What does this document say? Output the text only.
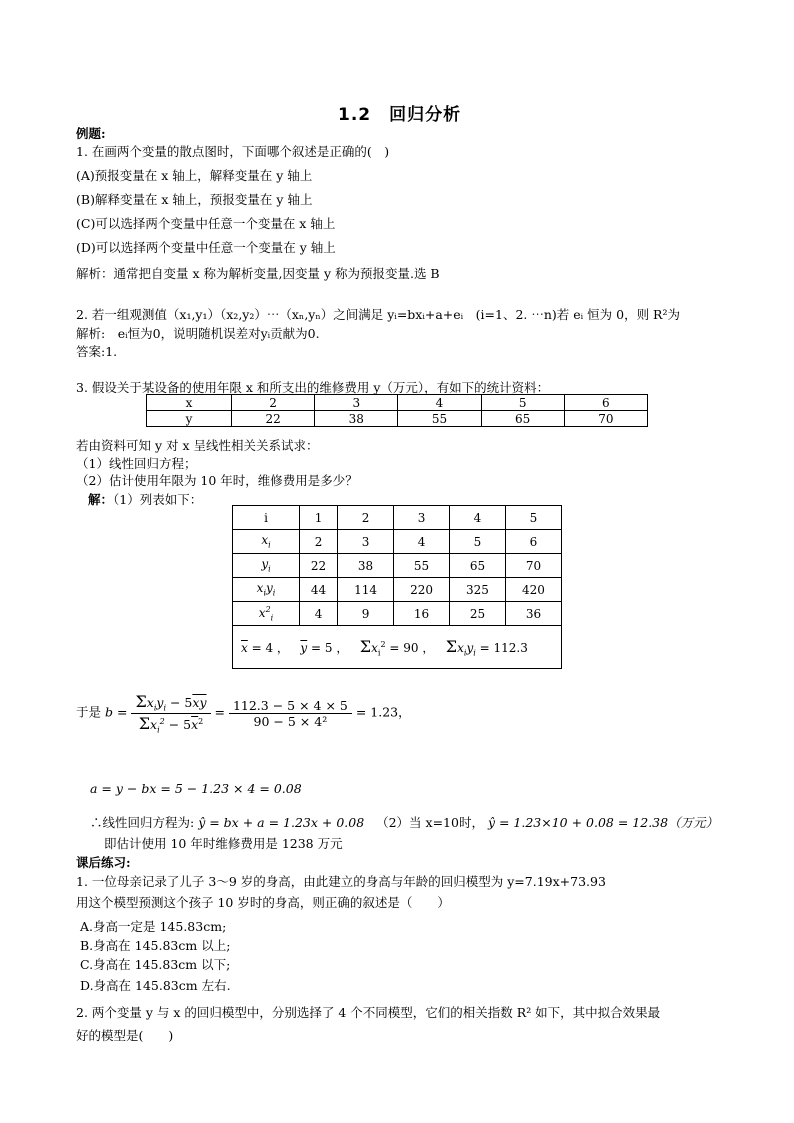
1.2　回归分析
例题:
1. 在画两个变量的散点图时，下面哪个叙述是正确的(　)
(A)预报变量在 x 轴上，解释变量在 y 轴上
(B)解释变量在 x 轴上，预报变量在 y 轴上
(C)可以选择两个变量中任意一个变量在 x 轴上
(D)可以选择两个变量中任意一个变量在 y 轴上
解析：通常把自变量 x 称为解析变量,因变量 y 称为预报变量.选 B
2. 若一组观测值（x₁,y₁）（x₂,y₂）⋯（xₙ,yₙ）之间满足 yᵢ=bxᵢ+a+eᵢ　(i=1、2. ⋯n)若 eᵢ 恒为 0，则 R²为
解析:　eᵢ恒为0，说明随机误差对yᵢ贡献为0.
答案:1.
3. 假设关于某设备的使用年限 x 和所支出的维修费用 y（万元），有如下的统计资料：
x	2	3	4	5	6
y	22	38	55	65	70
若由资料可知 y 对 x 呈线性相关关系试求：
（1）线性回归方程；
（2）估计使用年限为 10 年时，维修费用是多少？
解：（1）列表如下：
i	1	2	3	4	5
$x_i$	2	3	4	5	6
$y_i$	22	38	55	65	70
$x_iy_i$	44	114	220	325	420
$x^2_i$	4	9	16	25	36
$\overline{x} = 4$ ， $\overline{y} = 5$ ， $\Sigma x_i^2 = 90$ ， $\Sigma x_iy_i = 112.3$					
于是 $b = \frac{\Sigma x_iy_i - 5\overline{xy}}{\Sigma x_i^2 - 5\overline{x}^2} = \frac{112.3 - 5 \times 4 \times 5}{\text{90 − 5 × 4²}} = 1.23$，
a = y − bx = 5 − 1.23 × 4 = 0.08
∴线性回归方程为: ŷ = bx + a = 1.23x + 0.08 （2）当 x=10时， ŷ = 1.23×10 + 0.08 = 12.38（万元）
即估计使用 10 年时维修费用是 1238 万元
课后练习:
1. 一位母亲记录了儿子 3～9 岁的身高，由此建立的身高与年龄的回归模型为 y=7.19x+73.93
用这个模型预测这个孩子 10 岁时的身高，则正确的叙述是（　　）
A.身高一定是 145.83cm;
B.身高在 145.83cm 以上;
C.身高在 145.83cm 以下;
D.身高在 145.83cm 左右.
2. 两个变量 y 与 x 的回归模型中，分别选择了 4 个不同模型，它们的相关指数 R² 如下，其中拟合效果最
好的模型是(　　)
